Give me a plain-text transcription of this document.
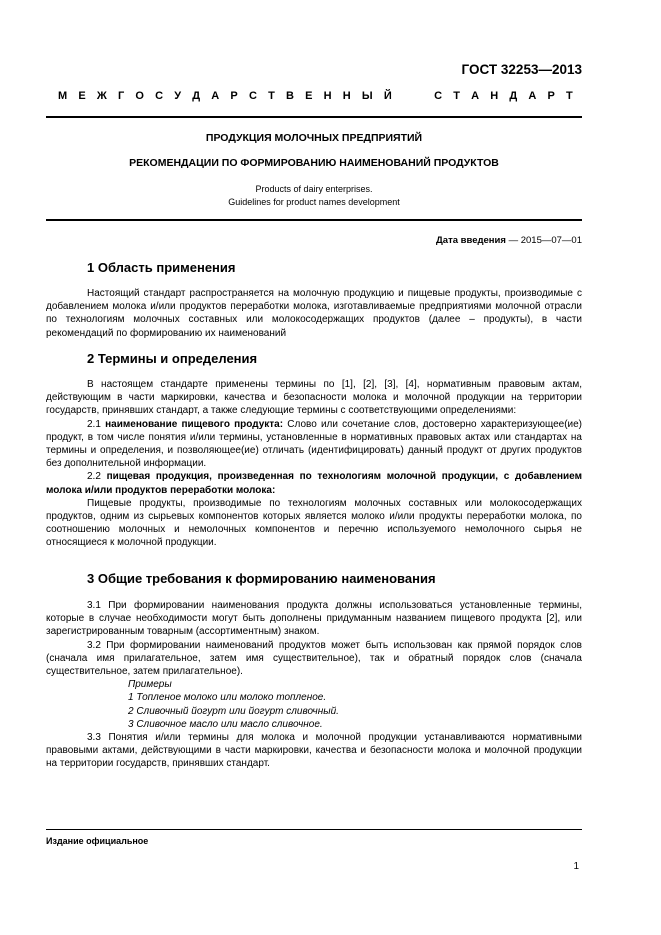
ГОСТ 32253—2013
М Е Ж Г О С У Д А Р С Т В Е Н Н Ы Й	С Т А Н Д А Р Т
ПРОДУКЦИЯ МОЛОЧНЫХ ПРЕДПРИЯТИЙ
РЕКОМЕНДАЦИИ ПО ФОРМИРОВАНИЮ НАИМЕНОВАНИЙ ПРОДУКТОВ
Products of dairy enterprises.
Guidelines for product names development
Дата введения — 2015—07—01
1 Область применения

Настоящий стандарт распространяется на молочную продукцию и пищевые продукты, производимые с добавлением молока и/или продуктов переработки молока, изготавливаемые предприятиями молочной отрасли по технологиям молочных составных или молокосодержащих продуктов (далее – продукты), в части рекомендаций по формированию их наименований

2 Термины и определения

В настоящем стандарте применены термины по [1], [2], [3], [4], нормативным правовым актам, действующим в части маркировки, качества и безопасности молока и молочной продукции на территории государств, принявших стандарт, а также следующие термины с соответствующими определениями:

2.1 наименование пищевого продукта: Слово или сочетание слов, достоверно характеризующее(ие) продукт, в том числе понятия и/или термины, установленные в нормативных правовых актах или стандартах на термины и определения, и позволяющее(ие) отличать (идентифицировать) данный продукт от других продуктов без дополнительной информации.

2.2 пищевая продукция, произведенная по технологиям молочной продукции, с добавлением молока и/или продуктов переработки молока:

Пищевые продукты, производимые по технологиям молочных составных или молокосодержащих продуктов, одним из сырьевых компонентов которых является молоко и/или продукты переработки молока, по соотношению молочных и немолочных компонентов и перечню используемого немолочного сырья не относящиеся к молочной продукции.

3 Общие требования к формированию наименования

3.1 При формировании наименования продукта должны использоваться установленные термины, которые в случае необходимости могут быть дополнены придуманным названием пищевого продукта [2], или зарегистрированным товарным (ассортиментным) знаком.

3.2 При формировании наименований продуктов может быть использован как прямой порядок слов (сначала имя прилагательное, затем имя существительное), так и обратный порядок слов (сначала существительное, затем прилагательное).

Примеры

1 Топленое молоко или молоко топленое.

2 Сливочный йогурт или йогурт сливочный.

3 Сливочное масло или масло сливочное.

3.3 Понятия и/или термины для молока и молочной продукции устанавливаются нормативными правовыми актами, действующими в части маркировки, качества и безопасности молока и молочной продукции на территории государств, принявших стандарт.

Издание официальное
1
